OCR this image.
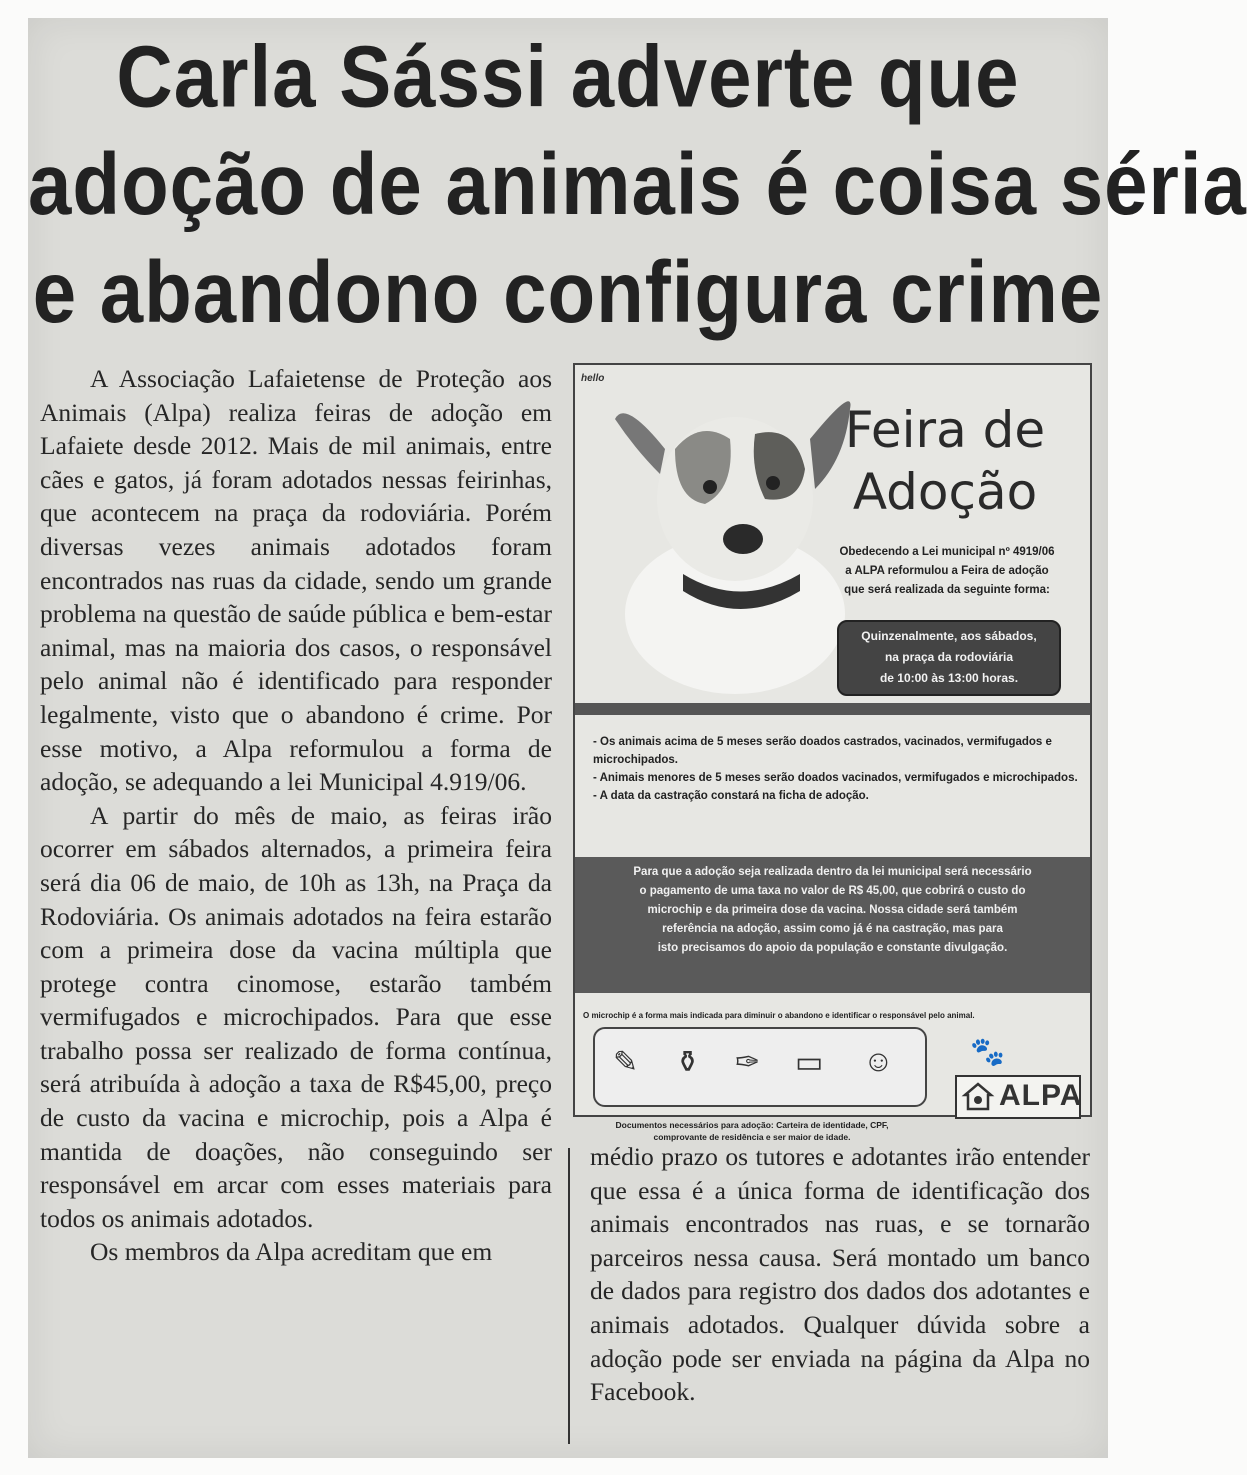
Carla Sássi adverte que
adoção de animais é coisa séria
e abandono configura crime

A Associação Lafaietense de Proteção aos Animais (Alpa) realiza feiras de adoção em Lafaiete desde 2012. Mais de mil animais, entre cães e gatos, já foram adotados nessas feirinhas, que acontecem na praça da rodoviária. Porém diversas vezes animais adotados foram encontrados nas ruas da cidade, sendo um grande problema na questão de saúde pública e bem-estar animal, mas na maioria dos casos, o responsável pelo animal não é identificado para responder legalmente, visto que o abandono é crime. Por esse motivo, a Alpa reformulou a forma de adoção, se adequando a lei Municipal 4.919/06.

A partir do mês de maio, as feiras irão ocorrer em sábados alternados, a primeira feira será dia 06 de maio, de 10h as 13h, na Praça da Rodoviária. Os animais adotados na feira estarão com a primeira dose da vacina múltipla que protege contra cinomose, estarão também vermifugados e microchipados. Para que esse trabalho possa ser realizado de forma contínua, será atribuída à adoção a taxa de R$45,00, preço de custo da vacina e microchip, pois a Alpa é mantida de doações, não conseguindo ser responsável em arcar com esses materiais para todos os animais adotados.

Os membros da Alpa acreditam que em

médio prazo os tutores e adotantes irão entender que essa é a única forma de identificação dos animais encontrados nas ruas, e se tornarão parceiros nessa causa. Será montado um banco de dados para registro dos dados dos adotantes e animais adotados. Qualquer dúvida sobre a adoção pode ser enviada na página da Alpa no Facebook.

hello
Feira de
Adoção
Obedecendo a Lei municipal nº 4919/06
a ALPA reformulou a Feira de adoção
que será realizada da seguinte forma:
Quinzenalmente, aos sábados,
na praça da rodoviária
de 10:00 às 13:00 horas.
- Os animais acima de 5 meses serão doados castrados, vacinados, vermifugados e microchipados.
- Animais menores de 5 meses serão doados vacinados, vermifugados e microchipados.
- A data da castração constará na ficha de adoção.
Para que a adoção seja realizada dentro da lei municipal será necessário
o pagamento de uma taxa no valor de R$ 45,00, que cobrirá o custo do
microchip e da primeira dose da vacina. Nossa cidade será também
referência na adoção, assim como já é na castração, mas para
isto precisamos do apoio da população e constante divulgação.
O microchip é a forma mais indicada para diminuir o abandono e identificar o responsável pelo animal.
✎ ⚱ ✑ ▭ ☺	🐾
ALPA
Documentos necessários para adoção: Carteira de identidade, CPF,
comprovante de residência e ser maior de idade.
